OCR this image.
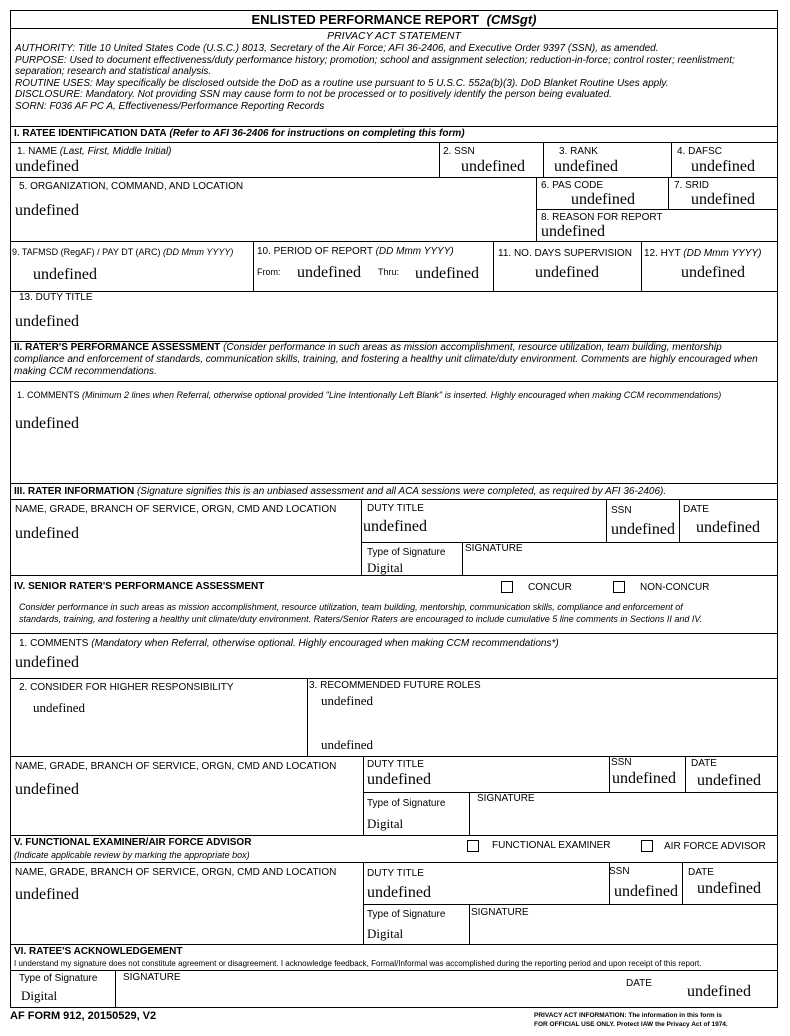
ENLISTED PERFORMANCE REPORT (CMSgt)
PRIVACY ACT STATEMENT
AUTHORITY: Title 10 United States Code (U.S.C.) 8013, Secretary of the Air Force; AFI 36-2406, and Executive Order 9397 (SSN), as amended.
PURPOSE: Used to document effectiveness/duty performance history; promotion; school and assignment selection; reduction-in-force; control roster; reenlistment; separation; research and statistical analysis.
ROUTINE USES: May specifically be disclosed outside the DoD as a routine use pursuant to 5 U.S.C. 552a(b)(3). DoD Blanket Routine Uses apply.
DISCLOSURE: Mandatory. Not providing SSN may cause form to not be processed or to positively identify the person being evaluated.
SORN: F036 AF PC A, Effectiveness/Performance Reporting Records
I. RATEE IDENTIFICATION DATA (Refer to AFI 36-2406 for instructions on completing this form)
1. NAME (Last, First, Middle Initial)
undefined
2. SSN
undefined
3. RANK
undefined
4. DAFSC
undefined
5. ORGANIZATION, COMMAND, AND LOCATION
undefined
6. PAS CODE
undefined
7. SRID
undefined
8. REASON FOR REPORT
undefined
9. TAFMSD (RegAF) / PAY DT (ARC) (DD Mmm YYYY)
undefined
10. PERIOD OF REPORT (DD Mmm YYYY)
From: undefined Thru: undefined
11. NO. DAYS SUPERVISION
undefined
12. HYT (DD Mmm YYYY)
undefined
13. DUTY TITLE
undefined
II. RATER'S PERFORMANCE ASSESSMENT (Consider performance in such areas as mission accomplishment, resource utilization, team building, mentorship compliance and enforcement of standards, communication skills, training, and fostering a healthy unit climate/duty environment. Comments are highly encouraged when making CCM recommendations.
1. COMMENTS (Minimum 2 lines when Referral, otherwise optional provided "Line Intentionally Left Blank" is inserted. Highly encouraged when making CCM recommendations)
undefined
III. RATER INFORMATION (Signature signifies this is an unbiased assessment and all ACA sessions were completed, as required by AFI 36-2406).
NAME, GRADE, BRANCH OF SERVICE, ORGN, CMD AND LOCATION
undefined
DUTY TITLE
undefined
SSN
undefined
DATE
undefined
Type of Signature
Digital
SIGNATURE
IV. SENIOR RATER'S PERFORMANCE ASSESSMENT	CONCUR	NON-CONCUR
Consider performance in such areas as mission accomplishment, resource utilization, team building, mentorship, communication skills, compliance and enforcement of
standards, training, and fostering a healthy unit climate/duty environment. Raters/Senior Raters are encouraged to include cumulative 5 line comments in Sections II and IV.
1. COMMENTS (Mandatory when Referral, otherwise optional. Highly encouraged when making CCM recommendations*)
undefined
2. CONSIDER FOR HIGHER RESPONSIBILITY
undefined
3. RECOMMENDED FUTURE ROLES
undefined
undefined
NAME, GRADE, BRANCH OF SERVICE, ORGN, CMD AND LOCATION
undefined
DUTY TITLE
undefined
SSN
undefined
DATE
undefined
Type of Signature
Digital
SIGNATURE
V. FUNCTIONAL EXAMINER/AIR FORCE ADVISOR
(Indicate applicable review by marking the appropriate box)
FUNCTIONAL EXAMINER	AIR FORCE ADVISOR
NAME, GRADE, BRANCH OF SERVICE, ORGN, CMD AND LOCATION
undefined
DUTY TITLE
undefined
SSN
undefined
DATE
undefined
Type of Signature
Digital
SIGNATURE
VI. RATEE'S ACKNOWLEDGEMENT
I understand my signature does not constitute agreement or disagreement. I acknowledge feedback, Formal/Informal was accomplished during the reporting period and upon receipt of this report.
Type of Signature
Digital
SIGNATURE
DATE undefined
AF FORM 912, 20150529, V2	PRIVACY ACT INFORMATION: The information in this form is
FOR OFFICIAL USE ONLY. Protect IAW the Privacy Act of 1974.
